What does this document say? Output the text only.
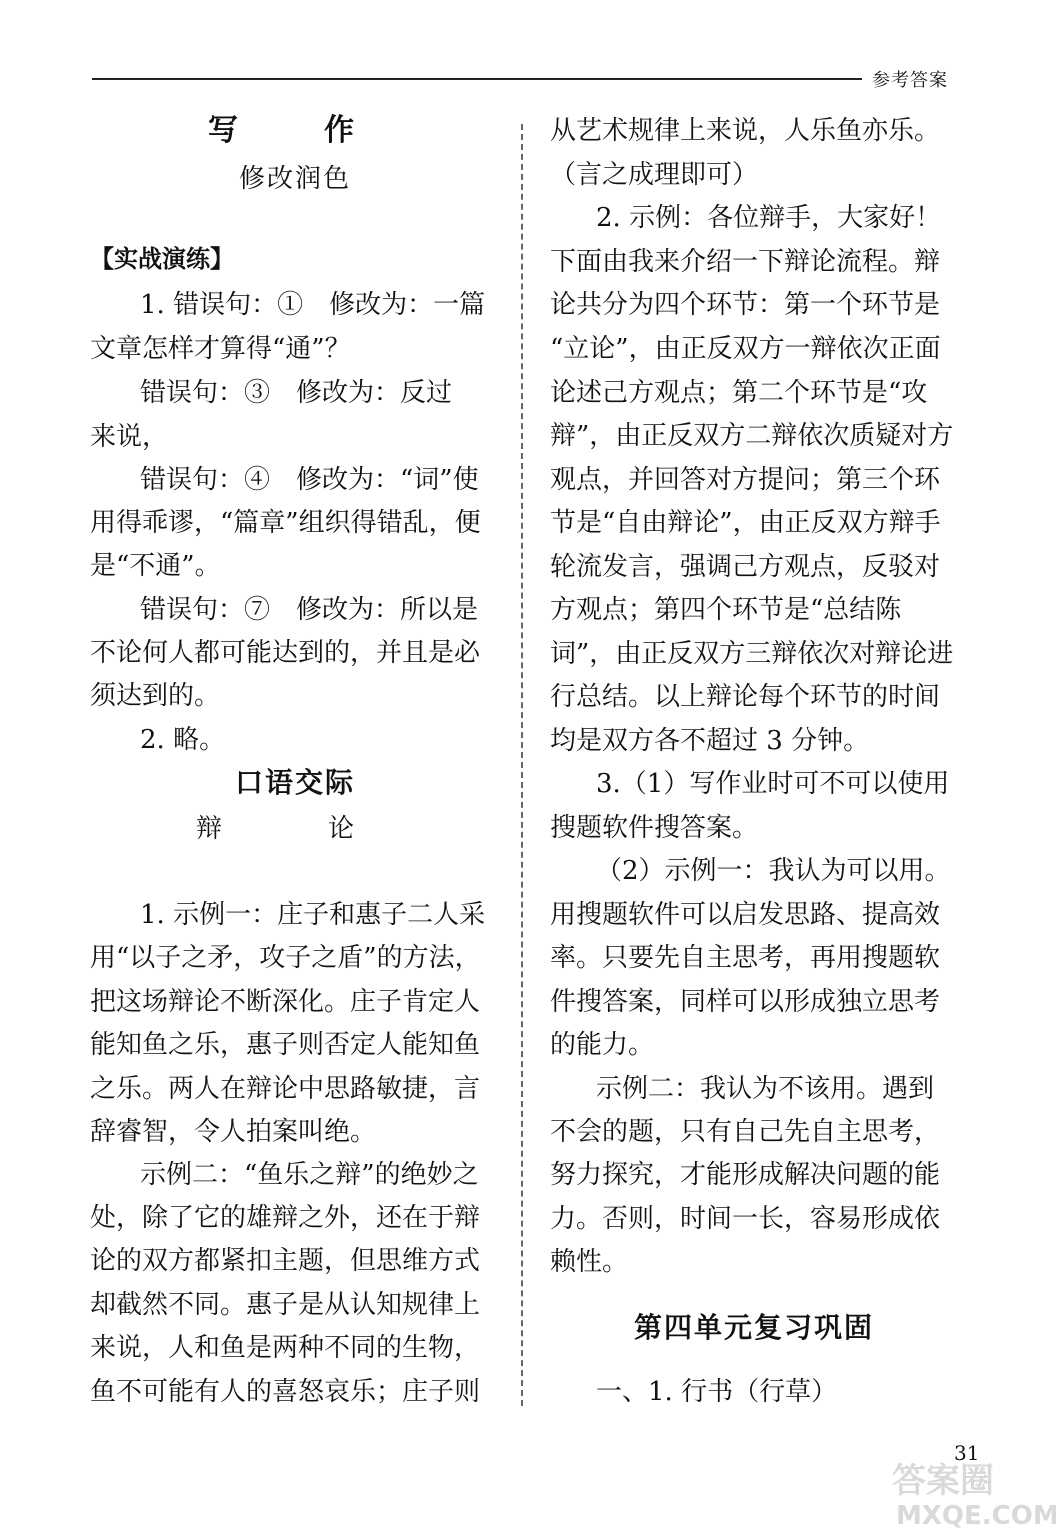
参考答案
写　作
修改润色
【实战演练】
1. 错误句：①　修改为：一篇
文章怎样才算得“通”？
错误句：③　修改为：反过
来说，
错误句：④　修改为：“词”使
用得乖谬，“篇章”组织得错乱，便
是“不通”。
错误句：⑦　修改为：所以是
不论何人都可能达到的，并且是必
须达到的。
2. 略。
口语交际
辩　论
1. 示例一：庄子和惠子二人采
用“以子之矛，攻子之盾”的方法，
把这场辩论不断深化。庄子肯定人
能知鱼之乐，惠子则否定人能知鱼
之乐。两人在辩论中思路敏捷，言
辞睿智，令人拍案叫绝。
示例二：“鱼乐之辩”的绝妙之
处，除了它的雄辩之外，还在于辩
论的双方都紧扣主题，但思维方式
却截然不同。惠子是从认知规律上
来说，人和鱼是两种不同的生物，
鱼不可能有人的喜怒哀乐；庄子则
从艺术规律上来说，人乐鱼亦乐。
（言之成理即可）
2. 示例：各位辩手，大家好！
下面由我来介绍一下辩论流程。辩
论共分为四个环节：第一个环节是
“立论”，由正反双方一辩依次正面
论述己方观点；第二个环节是“攻
辩”，由正反双方二辩依次质疑对方
观点，并回答对方提问；第三个环
节是“自由辩论”，由正反双方辩手
轮流发言，强调己方观点，反驳对
方观点；第四个环节是“总结陈
词”，由正反双方三辩依次对辩论进
行总结。以上辩论每个环节的时间
均是双方各不超过 3 分钟。
3.（1）写作业时可不可以使用
搜题软件搜答案。
（2）示例一：我认为可以用。
用搜题软件可以启发思路、提高效
率。只要先自主思考，再用搜题软
件搜答案，同样可以形成独立思考
的能力。
示例二：我认为不该用。遇到
不会的题，只有自己先自主思考，
努力探究，才能形成解决问题的能
力。否则，时间一长，容易形成依
赖性。
第四单元复习巩固
一、1. 行书（行草）
31
答案圈
MXQE.COM
